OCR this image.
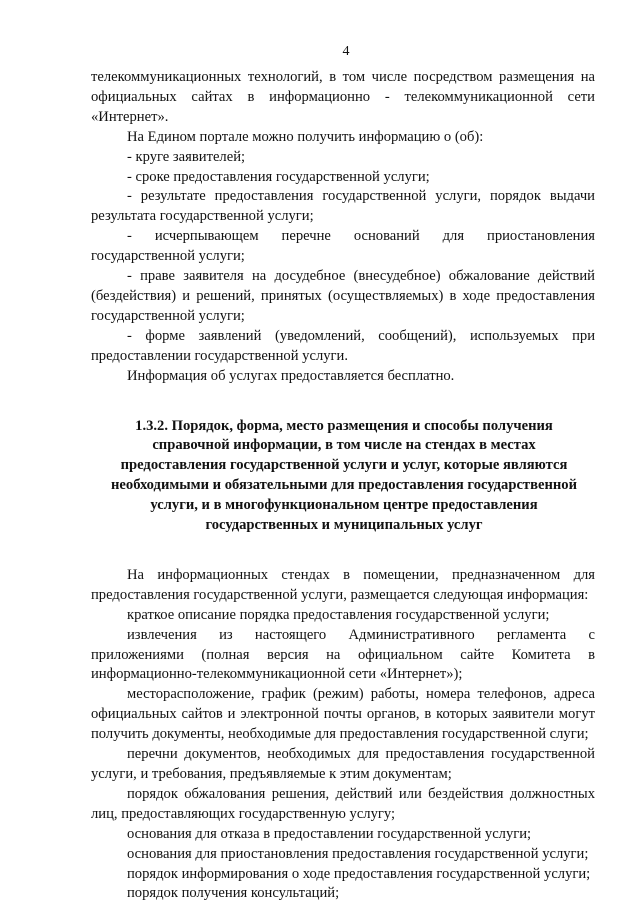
4

телекоммуникационных технологий, в том числе посредством размещения на официальных сайтах в информационно - телекоммуникационной сети «Интернет».

На Едином портале можно получить информацию о (об):

- круге заявителей;

- сроке предоставления государственной услуги;

- результате предоставления государственной услуги, порядок выдачи результата государственной услуги;

- исчерпывающем перечне оснований для приостановления государственной услуги;

- праве заявителя на досудебное (внесудебное) обжалование действий (бездействия) и решений, принятых (осуществляемых) в ходе предоставления государственной услуги;

- форме заявлений (уведомлений, сообщений), используемых при предоставлении государственной услуги.

Информация об услугах предоставляется бесплатно.

1.3.2. Порядок, форма, место размещения и способы получения справочной информации, в том числе на стендах в местах предоставления государственной услуги и услуг, которые являются необходимыми и обязательными для предоставления государственной услуги, и в многофункциональном центре предоставления государственных и муниципальных услуг

На информационных стендах в помещении, предназначенном для предоставления государственной услуги, размещается следующая информация:

краткое описание порядка предоставления государственной услуги;

извлечения из настоящего Административного регламента с приложениями (полная версия на официальном сайте Комитета в информационно-телекоммуникационной сети «Интернет»);

месторасположение, график (режим) работы, номера телефонов, адреса официальных сайтов и электронной почты органов, в которых заявители могут получить документы, необходимые для предоставления государственной слуги;

перечни документов, необходимых для предоставления государственной услуги, и требования, предъявляемые к этим документам;

порядок обжалования решения, действий или бездействия должностных лиц, предоставляющих государственную услугу;

основания для отказа в предоставлении государственной услуги;

основания для приостановления предоставления государственной услуги;

порядок информирования о ходе предоставления государственной услуги;

порядок получения консультаций;
